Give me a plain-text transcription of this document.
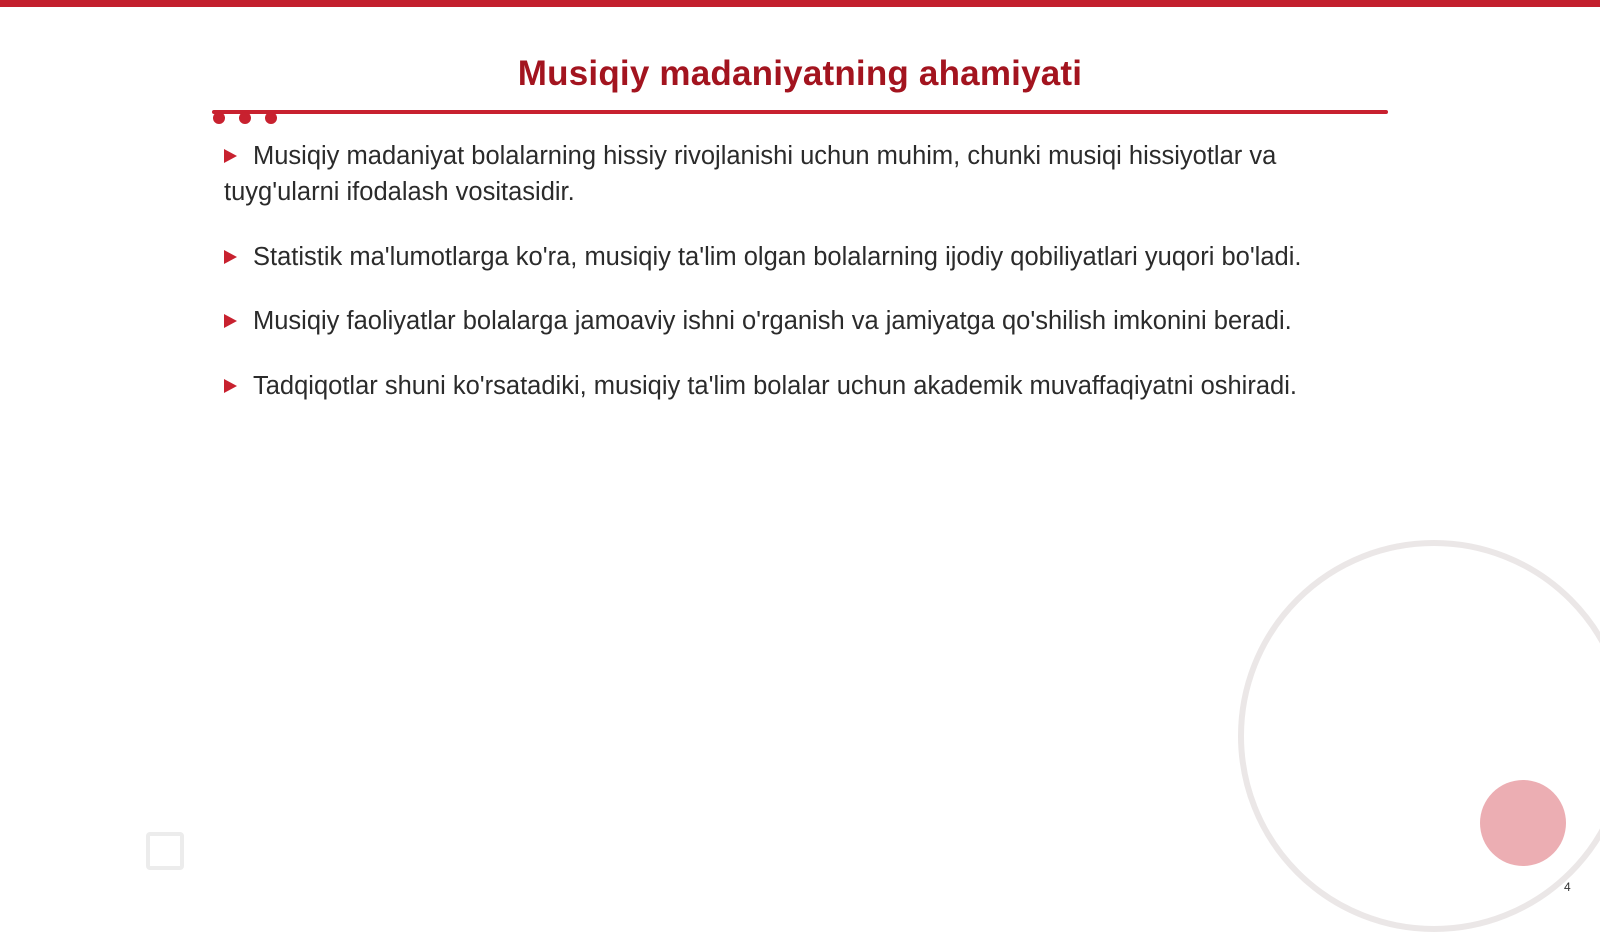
Musiqiy madaniyatning ahamiyati
Musiqiy madaniyat bolalarning hissiy rivojlanishi uchun muhim, chunki musiqi hissiyotlar va tuyg'ularni ifodalash vositasidir.
Statistik ma'lumotlarga ko'ra, musiqiy ta'lim olgan bolalarning ijodiy qobiliyatlari yuqori bo'ladi.
Musiqiy faoliyatlar bolalarga jamoaviy ishni o'rganish va jamiyatga qo'shilish imkonini beradi.
Tadqiqotlar shuni ko'rsatadiki, musiqiy ta'lim bolalar uchun akademik muvaffaqiyatni oshiradi.
4
